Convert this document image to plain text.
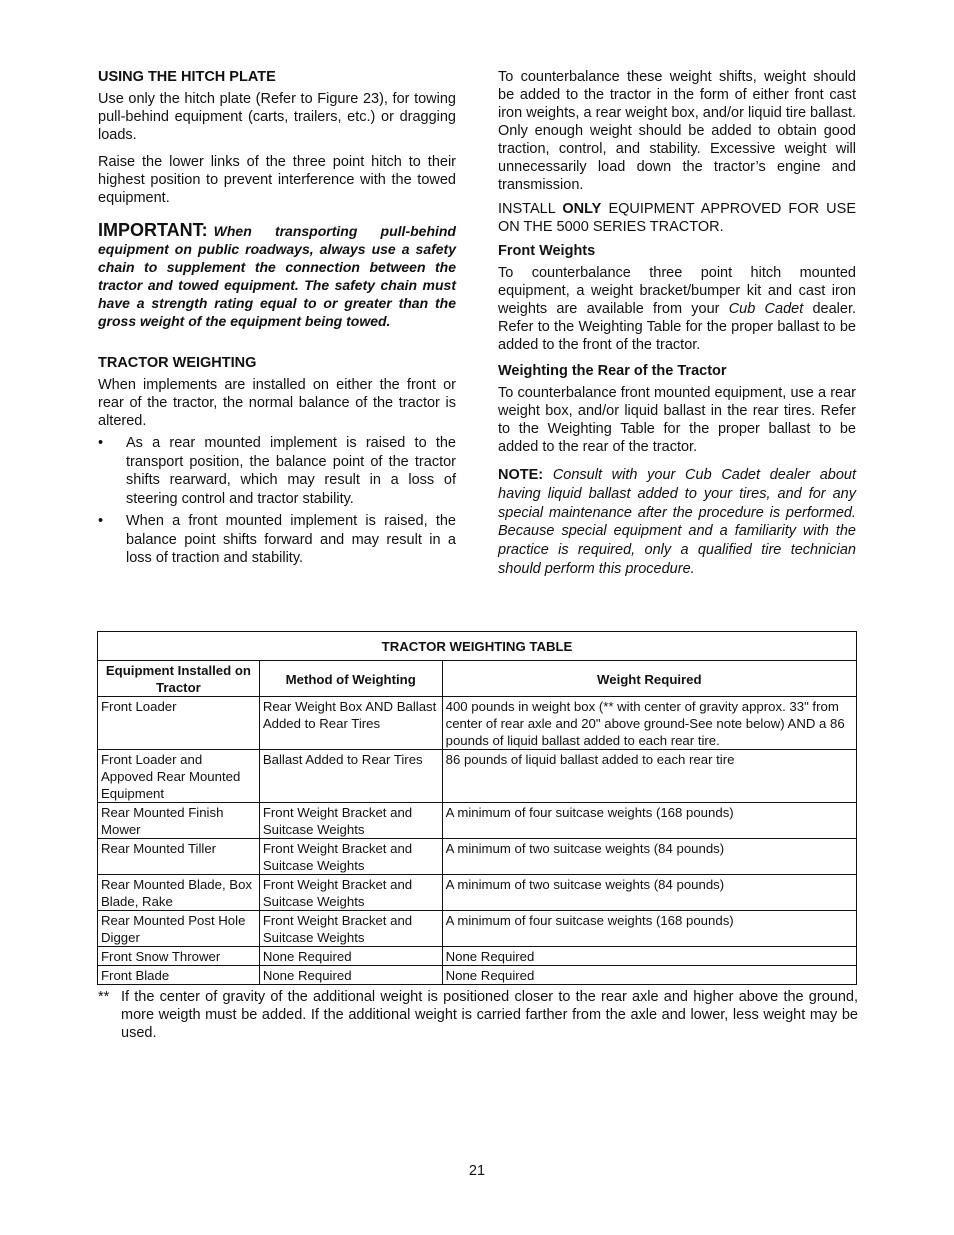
USING THE HITCH PLATE

Use only the hitch plate (Refer to Figure 23), for towing pull-behind equipment (carts, trailers, etc.) or dragging loads.

Raise the lower links of the three point hitch to their highest position to prevent interference with the towed equipment.

IMPORTANT: When transporting pull-behind equipment on public roadways, always use a safety chain to supplement the connection between the tractor and towed equipment. The safety chain must have a strength rating equal to or greater than the gross weight of the equipment being towed.

TRACTOR WEIGHTING

When implements are installed on either the front or rear of the tractor, the normal balance of the tractor is altered.

• As a rear mounted implement is raised to the transport position, the balance point of the tractor shifts rearward, which may result in a loss of steering control and tractor stability.
• When a front mounted implement is raised, the balance point shifts forward and may result in a loss of traction and stability.

To counterbalance these weight shifts, weight should be added to the tractor in the form of either front cast iron weights, a rear weight box, and/or liquid tire ballast. Only enough weight should be added to obtain good traction, control, and stability. Excessive weight will unnecessarily load down the tractor’s engine and transmission.

INSTALL ONLY EQUIPMENT APPROVED FOR USE ON THE 5000 SERIES TRACTOR.

Front Weights

To counterbalance three point hitch mounted equipment, a weight bracket/bumper kit and cast iron weights are available from your Cub Cadet dealer. Refer to the Weighting Table for the proper ballast to be added to the front of the tractor.

Weighting the Rear of the Tractor

To counterbalance front mounted equipment, use a rear weight box, and/or liquid ballast in the rear tires. Refer to the Weighting Table for the proper ballast to be added to the rear of the tractor.

NOTE: Consult with your Cub Cadet dealer about having liquid ballast added to your tires, and for any special maintenance after the procedure is performed. Because special equipment and a familiarity with the practice is required, only a qualified tire technician should perform this procedure.

TRACTOR WEIGHTING TABLE		
Equipment Installed on Tractor	Method of Weighting	Weight Required
Front Loader	Rear Weight Box AND Ballast Added to Rear Tires	400 pounds in weight box (** with center of gravity approx. 33" from center of rear axle and 20" above ground-See note below) AND a 86 pounds of liquid ballast added to each rear tire.
Front Loader and Appoved Rear Mounted Equipment	Ballast Added to Rear Tires	86 pounds of liquid ballast added to each rear tire
Rear Mounted Finish Mower	Front Weight Bracket and Suitcase Weights	A minimum of four suitcase weights (168 pounds)
Rear Mounted Tiller	Front Weight Bracket and Suitcase Weights	A minimum of two suitcase weights (84 pounds)
Rear Mounted Blade, Box Blade, Rake	Front Weight Bracket and Suitcase Weights	A minimum of two suitcase weights (84 pounds)
Rear Mounted Post Hole Digger	Front Weight Bracket and Suitcase Weights	A minimum of four suitcase weights (168 pounds)
Front Snow Thrower	None Required	None Required
Front Blade	None Required	None Required
** If the center of gravity of the additional weight is positioned closer to the rear axle and higher above the ground, more weigth must be added. If the additional weight is carried farther from the axle and lower, less weight may be used.
21
